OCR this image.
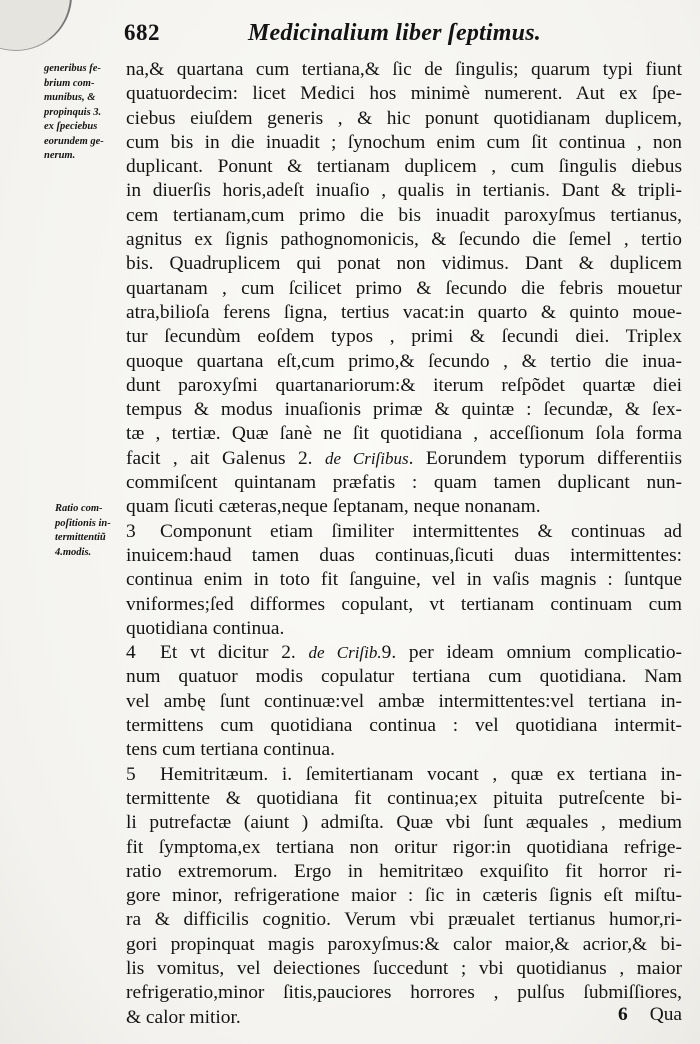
682	Medicinalium liber ſeptimus.
generibus fe-
brium com-
munibus, &
propinquis 3.
ex ſpeciebus
eorundem ge-
nerum.
Ratio com-
poſitionis in-
termittentiũ
4.modis.
na,& quartana cum tertiana,& ſic de ſingulis; quarum typi fiunt
quatuordecim: licet Medici hos minimè numerent. Aut ex ſpe-
ciebus eiuſdem generis , & hic ponunt quotidianam duplicem,
cum bis in die inuadit ; ſynochum enim cum ſit continua , non
duplicant. Ponunt & tertianam duplicem , cum ſingulis diebus
in diuerſis horis,adeſt inuaſio , qualis in tertianis. Dant & tripli-
cem tertianam,cum primo die bis inuadit paroxyſmus tertianus,
agnitus ex ſignis pathognomonicis, & ſecundo die ſemel , tertio
bis. Quadruplicem qui ponat non vidimus. Dant & duplicem
quartanam , cum ſcilicet primo & ſecundo die febris mouetur
atra,bilioſa ferens ſigna, tertius vacat:in quarto & quinto moue-
tur ſecundùm eoſdem typos , primi & ſecundi diei. Triplex
quoque quartana eſt,cum primo,& ſecundo , & tertio die inua-
dunt paroxyſmi quartanariorum:& iterum reſpõdet quartæ diei
tempus & modus inuaſionis primæ & quintæ : ſecundæ, & ſex-
tæ , tertiæ. Quæ ſanè ne ſit quotidiana , acceſſionum ſola forma
facit , ait Galenus 2. de Criſibus. Eorundem typorum differentiis
commiſcent quintanam præfatis : quam tamen duplicant nun-
quam ſicuti cæteras,neque ſeptanam, neque nonanam.
3 Componunt etiam ſimiliter intermittentes & continuas ad
inuicem:haud tamen duas continuas,ſicuti duas intermittentes:
continua enim in toto fit ſanguine, vel in vaſis magnis : ſuntque
vniformes;ſed difformes copulant, vt tertianam continuam cum
quotidiana continua.
4 Et vt dicitur 2. de Criſib.9. per ideam omnium complicatio-
num quatuor modis copulatur tertiana cum quotidiana. Nam
vel ambę ſunt continuæ:vel ambæ intermittentes:vel tertiana in-
termittens cum quotidiana continua : vel quotidiana intermit-
tens cum tertiana continua.
5 Hemitritæum. i. ſemitertianam vocant , quæ ex tertiana in-
termittente & quotidiana fit continua;ex pituita putreſcente bi-
li putrefactæ (aiunt ) admiſta. Quæ vbi ſunt æquales , medium
fit ſymptoma,ex tertiana non oritur rigor:in quotidiana refrige-
ratio extremorum. Ergo in hemitritæo exquiſito fit horror ri-
gore minor, refrigeratione maior : ſic in cæteris ſignis eſt miſtu-
ra & difficilis cognitio. Verum vbi præualet tertianus humor,ri-
gori propinquat magis paroxyſmus:& calor maior,& acrior,& bi-
lis vomitus, vel deiectiones ſuccedunt ; vbi quotidianus , maior
refrigeratio,minor ſitis,pauciores horrores , pulſus ſubmiſſiores,
& calor mitior.	6 Qua
